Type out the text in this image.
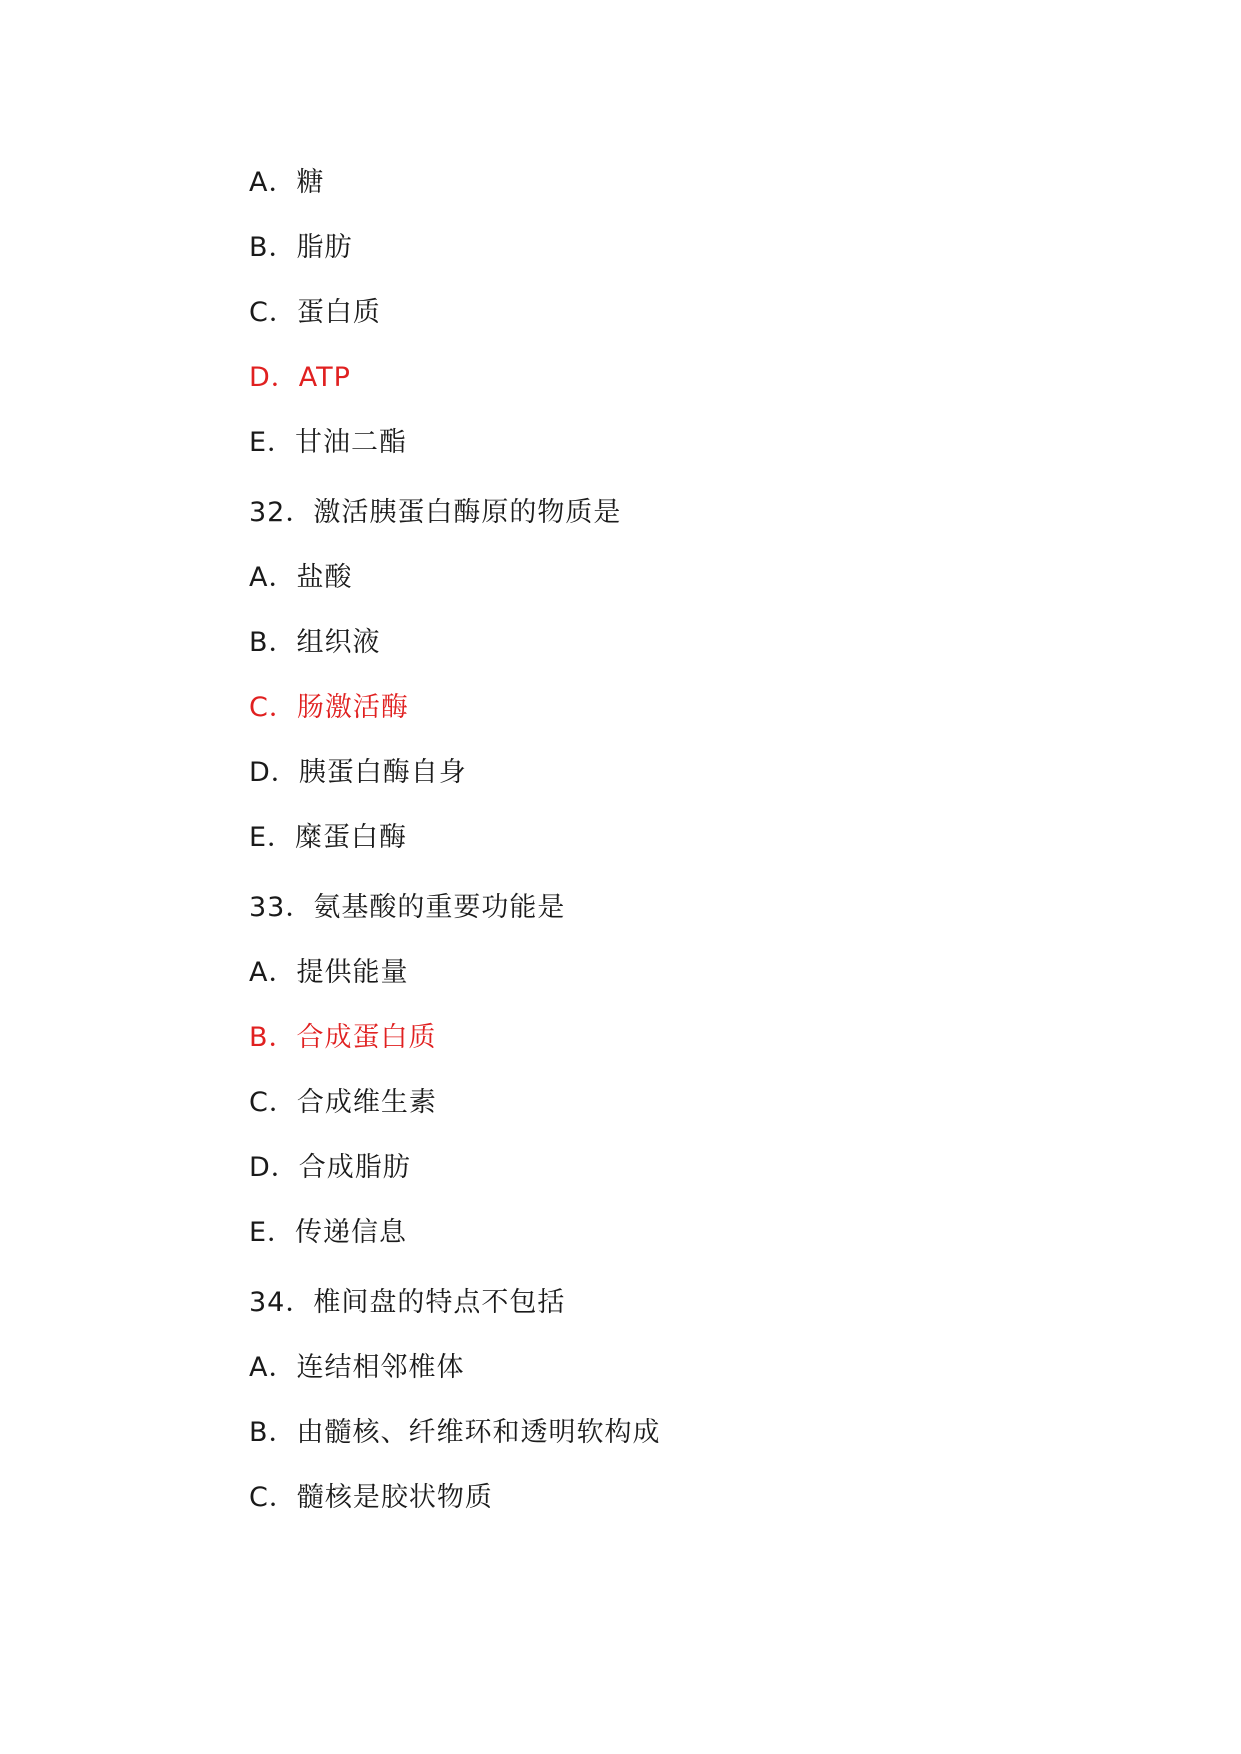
A．糖
B．脂肪
C．蛋白质
D．ATP
E．甘油二酯
32．激活胰蛋白酶原的物质是
A．盐酸
B．组织液
C．肠激活酶
D．胰蛋白酶自身
E．糜蛋白酶
33．氨基酸的重要功能是
A．提供能量
B．合成蛋白质
C．合成维生素
D．合成脂肪
E．传递信息
34．椎间盘的特点不包括
A．连结相邻椎体
B．由髓核、纤维环和透明软构成
C．髓核是胶状物质
